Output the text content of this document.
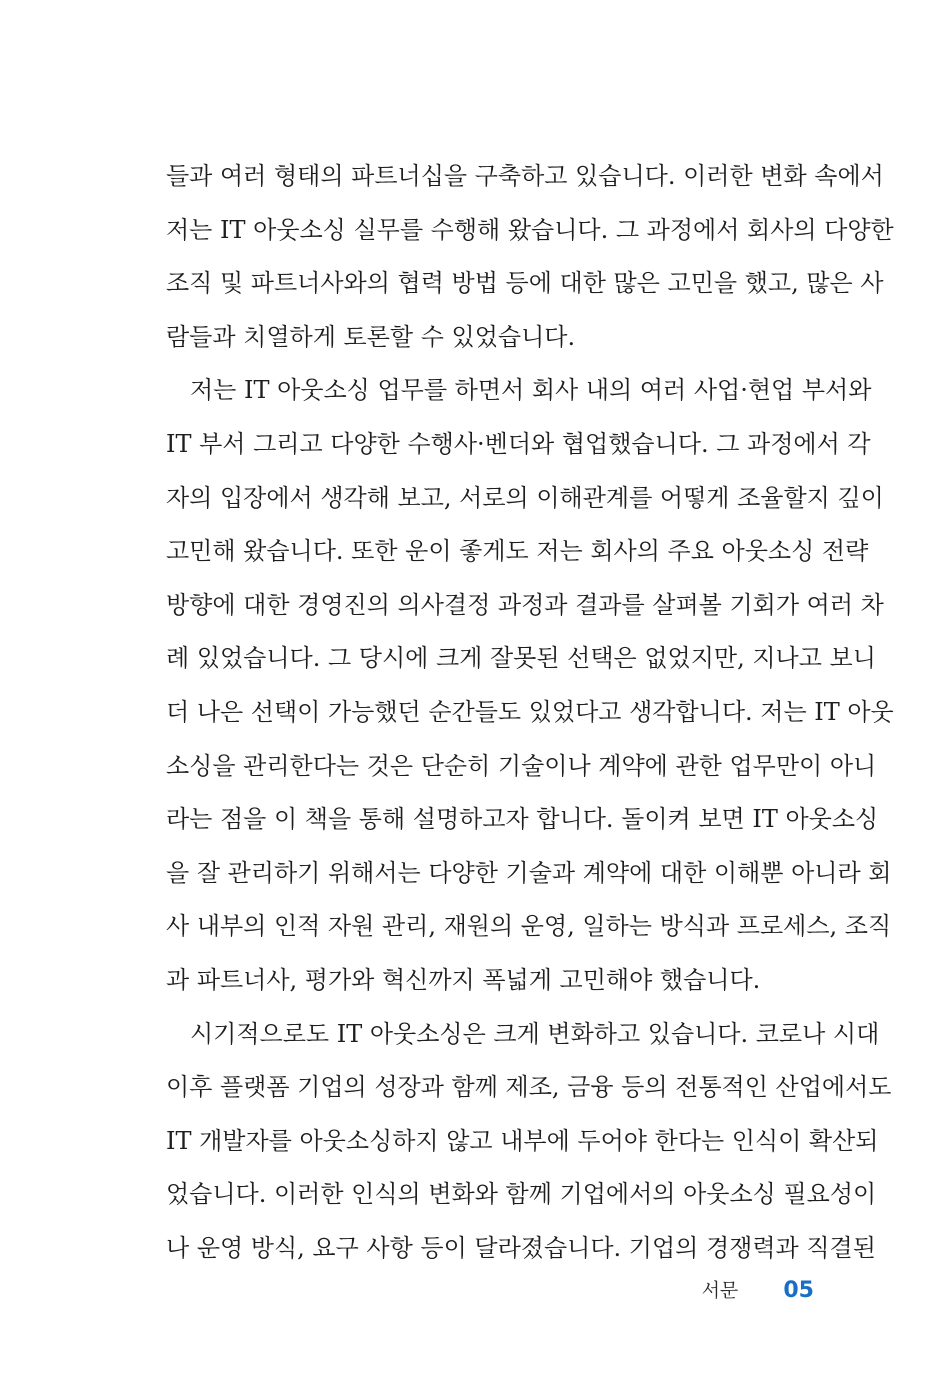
들과 여러 형태의 파트너십을 구축하고 있습니다. 이러한 변화 속에서
저는 IT 아웃소싱 실무를 수행해 왔습니다. 그 과정에서 회사의 다양한
조직 및 파트너사와의 협력 방법 등에 대한 많은 고민을 했고, 많은 사
람들과 치열하게 토론할 수 있었습니다.
저는 IT 아웃소싱 업무를 하면서 회사 내의 여러 사업·현업 부서와
IT 부서 그리고 다양한 수행사·벤더와 협업했습니다. 그 과정에서 각
자의 입장에서 생각해 보고, 서로의 이해관계를 어떻게 조율할지 깊이
고민해 왔습니다. 또한 운이 좋게도 저는 회사의 주요 아웃소싱 전략
방향에 대한 경영진의 의사결정 과정과 결과를 살펴볼 기회가 여러 차
례 있었습니다. 그 당시에 크게 잘못된 선택은 없었지만, 지나고 보니
더 나은 선택이 가능했던 순간들도 있었다고 생각합니다. 저는 IT 아웃
소싱을 관리한다는 것은 단순히 기술이나 계약에 관한 업무만이 아니
라는 점을 이 책을 통해 설명하고자 합니다. 돌이켜 보면 IT 아웃소싱
을 잘 관리하기 위해서는 다양한 기술과 계약에 대한 이해뿐 아니라 회
사 내부의 인적 자원 관리, 재원의 운영, 일하는 방식과 프로세스, 조직
과 파트너사, 평가와 혁신까지 폭넓게 고민해야 했습니다.
시기적으로도 IT 아웃소싱은 크게 변화하고 있습니다. 코로나 시대
이후 플랫폼 기업의 성장과 함께 제조, 금융 등의 전통적인 산업에서도
IT 개발자를 아웃소싱하지 않고 내부에 두어야 한다는 인식이 확산되
었습니다. 이러한 인식의 변화와 함께 기업에서의 아웃소싱 필요성이
나 운영 방식, 요구 사항 등이 달라졌습니다. 기업의 경쟁력과 직결된
서문 05
